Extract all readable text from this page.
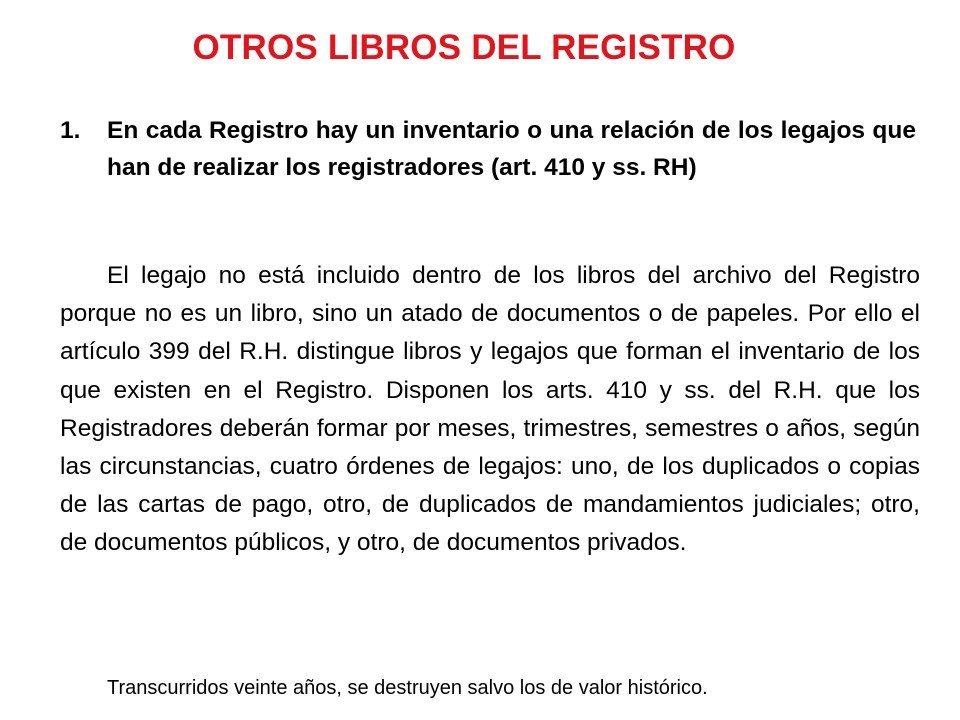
OTROS LIBROS DEL REGISTRO
1.	En cada Registro hay un inventario o una relación de los legajos que han de realizar los registradores (art. 410 y ss. RH)

El legajo no está incluido dentro de los libros del archivo del Registro porque no es un libro, sino un atado de documentos o de papeles. Por ello el artículo 399 del R.H. distingue libros y legajos que forman el inventario de los que existen en el Registro. Disponen los arts. 410 y ss. del R.H. que los Registradores deberán formar por meses, trimestres, semestres o años, según las circunstancias, cuatro órdenes de legajos: uno, de los duplicados o copias de las cartas de pago, otro, de duplicados de mandamientos judiciales; otro, de documentos públicos, y otro, de documentos privados.

Transcurridos veinte años, se destruyen salvo los de valor histórico.
